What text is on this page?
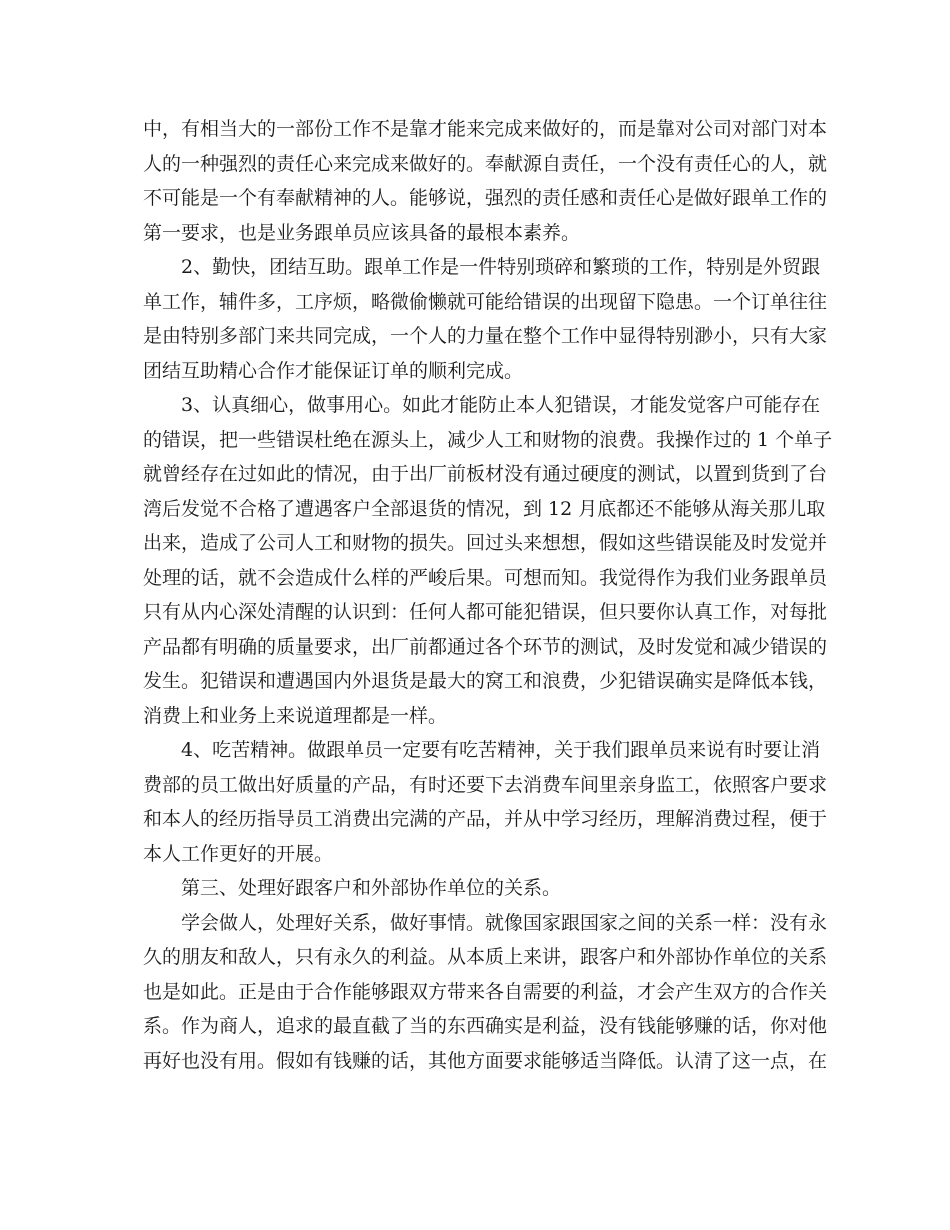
中，有相当大的一部份工作不是靠才能来完成来做好的，而是靠对公司对部门对本
人的一种强烈的责任心来完成来做好的。奉献源自责任，一个没有责任心的人，就
不可能是一个有奉献精神的人。能够说，强烈的责任感和责任心是做好跟单工作的
第一要求，也是业务跟单员应该具备的最根本素养。
2、勤快，团结互助。跟单工作是一件特别琐碎和繁琐的工作，特别是外贸跟
单工作，辅件多，工序烦，略微偷懒就可能给错误的出现留下隐患。一个订单往往
是由特别多部门来共同完成，一个人的力量在整个工作中显得特别渺小，只有大家
团结互助精心合作才能保证订单的顺利完成。
3、认真细心，做事用心。如此才能防止本人犯错误，才能发觉客户可能存在
的错误，把一些错误杜绝在源头上，减少人工和财物的浪费。我操作过的 1 个单子
就曾经存在过如此的情况，由于出厂前板材没有通过硬度的测试，以置到货到了台
湾后发觉不合格了遭遇客户全部退货的情况，到 12 月底都还不能够从海关那儿取
出来，造成了公司人工和财物的损失。回过头来想想，假如这些错误能及时发觉并
处理的话，就不会造成什么样的严峻后果。可想而知。我觉得作为我们业务跟单员
只有从内心深处清醒的认识到：任何人都可能犯错误，但只要你认真工作，对每批
产品都有明确的质量要求，出厂前都通过各个环节的测试，及时发觉和减少错误的
发生。犯错误和遭遇国内外退货是最大的窝工和浪费，少犯错误确实是降低本钱，
消费上和业务上来说道理都是一样。
4、吃苦精神。做跟单员一定要有吃苦精神，关于我们跟单员来说有时要让消
费部的员工做出好质量的产品，有时还要下去消费车间里亲身监工，依照客户要求
和本人的经历指导员工消费出完满的产品，并从中学习经历，理解消费过程，便于
本人工作更好的开展。
第三、处理好跟客户和外部协作单位的关系。
学会做人，处理好关系，做好事情。就像国家跟国家之间的关系一样：没有永
久的朋友和敌人，只有永久的利益。从本质上来讲，跟客户和外部协作单位的关系
也是如此。正是由于合作能够跟双方带来各自需要的利益，才会产生双方的合作关
系。作为商人，追求的最直截了当的东西确实是利益，没有钱能够赚的话，你对他
再好也没有用。假如有钱赚的话，其他方面要求能够适当降低。认清了这一点，在
